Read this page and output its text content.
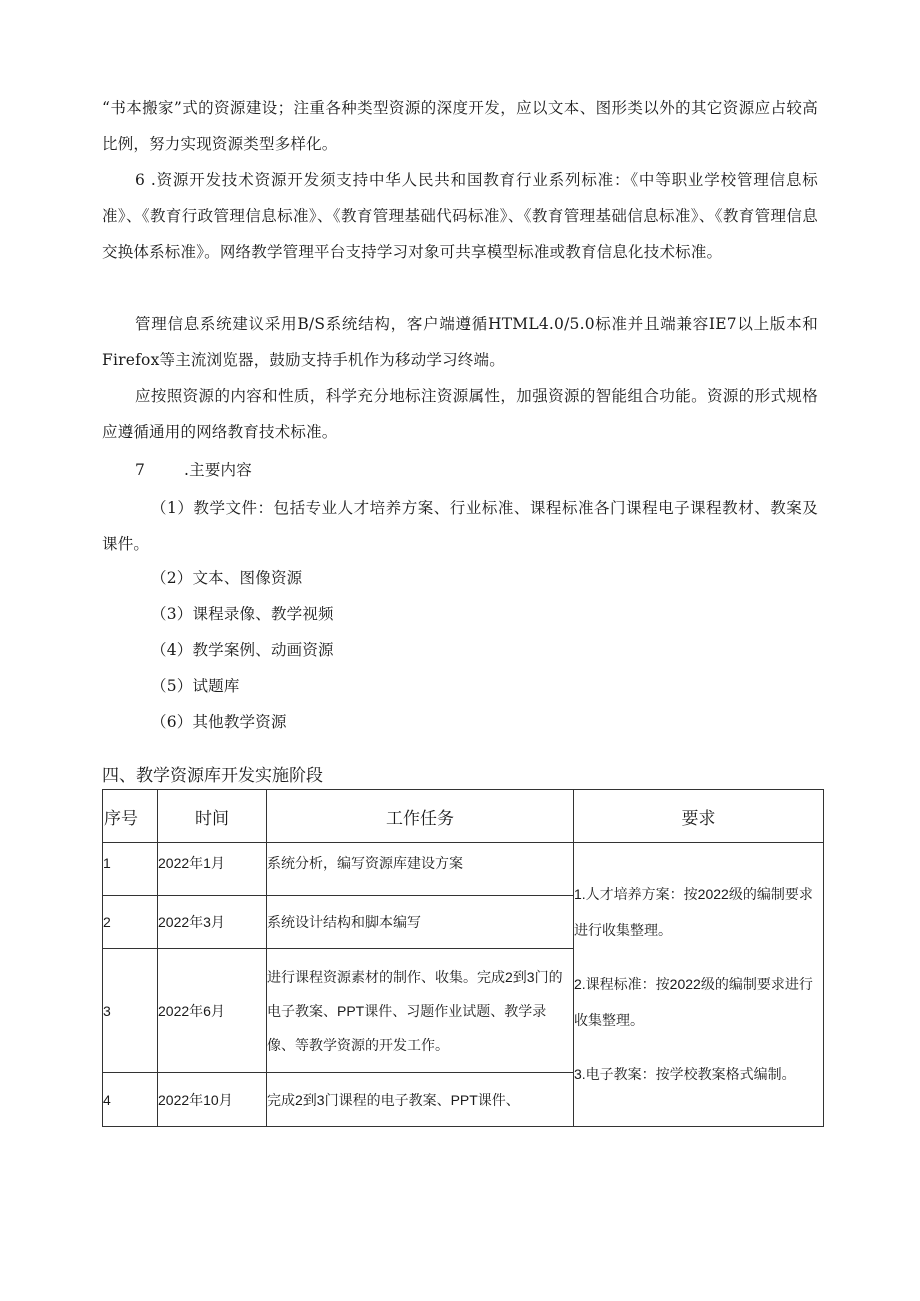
“书本搬家”式的资源建设；注重各种类型资源的深度开发，应以文本、图形类以外的其它资源应占较高比例，努力实现资源类型多样化。

6 .资源开发技术资源开发须支持中华人民共和国教育行业系列标准：《中等职业学校管理信息标准》、《教育行政管理信息标准》、《教育管理基础代码标准》、《教育管理基础信息标准》、《教育管理信息交换体系标准》。网络教学管理平台支持学习对象可共享模型标准或教育信息化技术标准。

管理信息系统建议采用B/S系统结构，客户端遵循HTML4.0/5.0标准并且端兼容IE7以上版本和Firefox等主流浏览器，鼓励支持手机作为移动学习终端。

应按照资源的内容和性质，科学充分地标注资源属性，加强资源的智能组合功能。资源的形式规格应遵循通用的网络教育技术标准。

7	.主要内容

（1）教学文件：包括专业人才培养方案、行业标准、课程标准各门课程电子课程教材、教案及课件。

（2）文本、图像资源
（3）课程录像、教学视频
（4）教学案例、动画资源
（5）试题库
（6）其他教学资源
四、教学资源库开发实施阶段
序号	时间	工作任务	要求
1	2022年1月	系统分析，编写资源库建设方案	1.人才培养方案：按2022级的编制要求进行收集整理。

2.课程标准：按2022级的编制要求进行收集整理。

3.电子教案：按学校教案格式编制。

2	2022年3月	系统设计结构和脚本编写	
3	2022年6月	进行课程资源素材的制作、收集。完成2到3门的电子教案、PPT课件、习题作业试题、教学录像、等教学资源的开发工作。	
4	2022年10月	完成2到3门课程的电子教案、PPT课件、	
